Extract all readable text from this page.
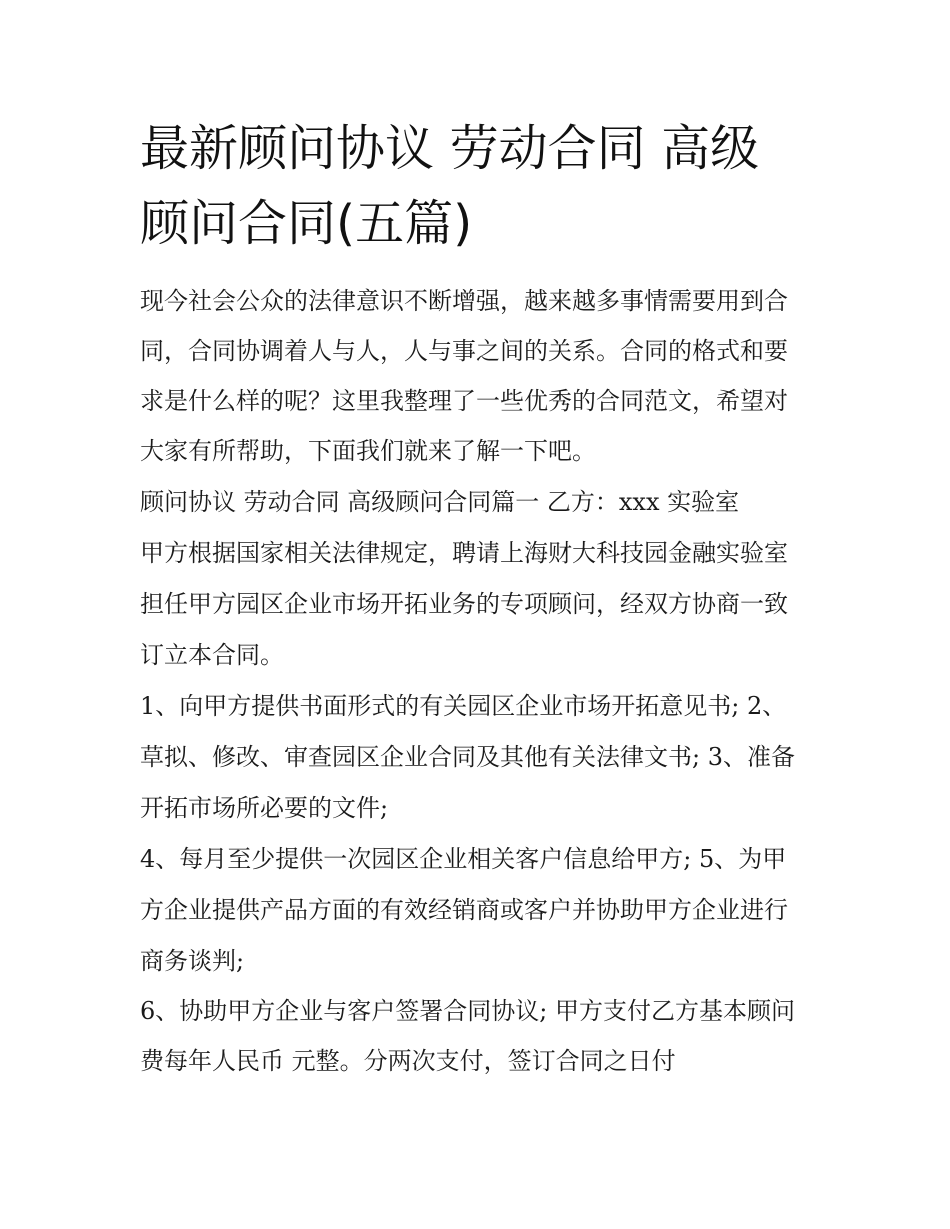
最新顾问协议 劳动合同 高级
顾问合同(五篇)
现今社会公众的法律意识不断增强，越来越多事情需要用到合
同，合同协调着人与人，人与事之间的关系。合同的格式和要
求是什么样的呢？这里我整理了一些优秀的合同范文，希望对
大家有所帮助，下面我们就来了解一下吧。
顾问协议 劳动合同 高级顾问合同篇一 乙方：xxx 实验室
甲方根据国家相关法律规定，聘请上海财大科技园金融实验室
担任甲方园区企业市场开拓业务的专项顾问，经双方协商一致
订立本合同。
1、向甲方提供书面形式的有关园区企业市场开拓意见书; 2、
草拟、修改、审查园区企业合同及其他有关法律文书; 3、准备
开拓市场所必要的文件;
4、每月至少提供一次园区企业相关客户信息给甲方; 5、为甲
方企业提供产品方面的有效经销商或客户并协助甲方企业进行
商务谈判;
6、协助甲方企业与客户签署合同协议; 甲方支付乙方基本顾问
费每年人民币 元整。分两次支付，签订合同之日付
